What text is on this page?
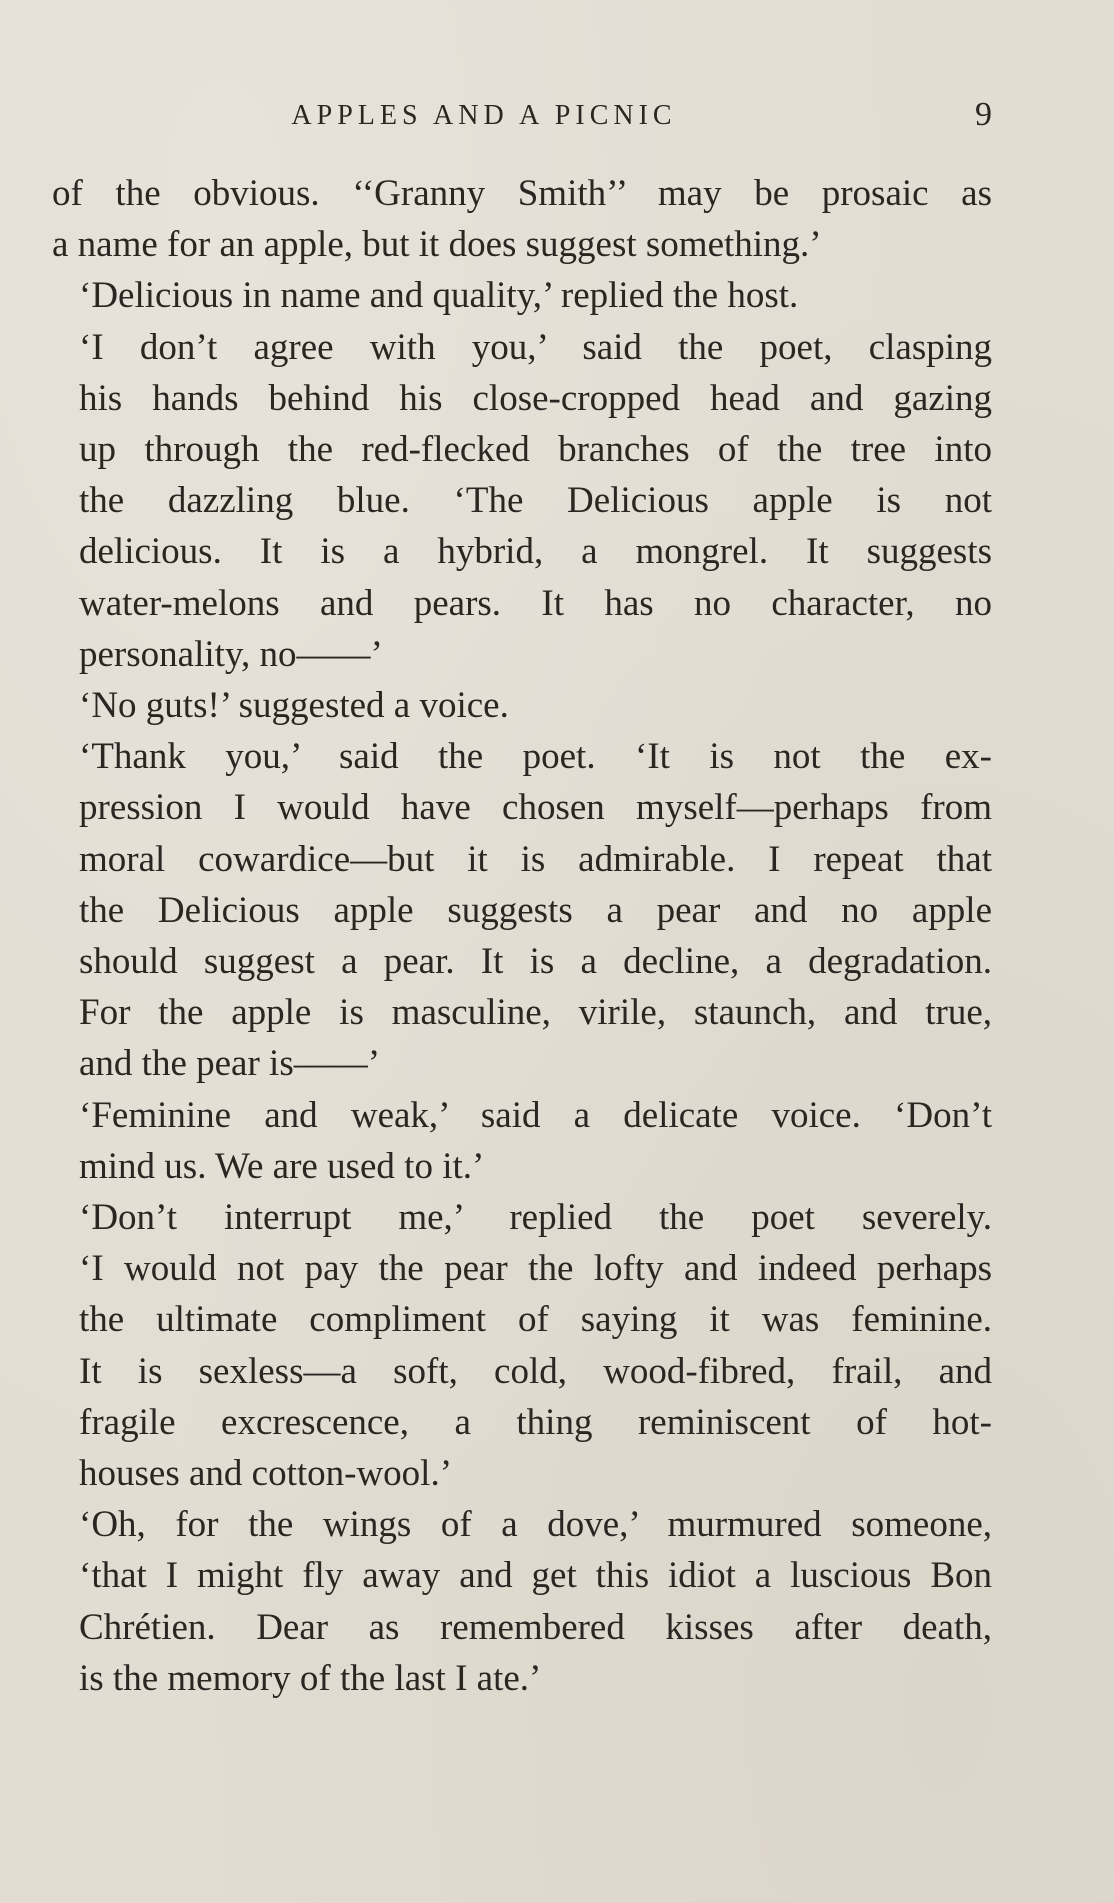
APPLES AND A PICNIC	9

of the obvious. ‘‘Granny Smith’’ may be prosaic as
a name for an apple, but it does suggest something.’

‘Delicious in name and quality,’ replied the host.

‘I don’t agree with you,’ said the poet, clasping
his hands behind his close-cropped head and gazing
up through the red-flecked branches of the tree into
the dazzling blue. ‘The Delicious apple is not
delicious. It is a hybrid, a mongrel. It suggests
water-melons and pears. It has no character, no
personality, no——’

‘No guts!’ suggested a voice.

‘Thank you,’ said the poet. ‘It is not the ex-
pression I would have chosen myself—perhaps from
moral cowardice—but it is admirable. I repeat that
the Delicious apple suggests a pear and no apple
should suggest a pear. It is a decline, a degradation.
For the apple is masculine, virile, staunch, and true,
and the pear is——’

‘Feminine and weak,’ said a delicate voice. ‘Don’t
mind us. We are used to it.’

‘Don’t interrupt me,’ replied the poet severely.
‘I would not pay the pear the lofty and indeed perhaps
the ultimate compliment of saying it was feminine.
It is sexless—a soft, cold, wood-fibred, frail, and
fragile excrescence, a thing reminiscent of hot-
houses and cotton-wool.’

‘Oh, for the wings of a dove,’ murmured someone,
‘that I might fly away and get this idiot a luscious Bon
Chrétien. Dear as remembered kisses after death,
is the memory of the last I ate.’
